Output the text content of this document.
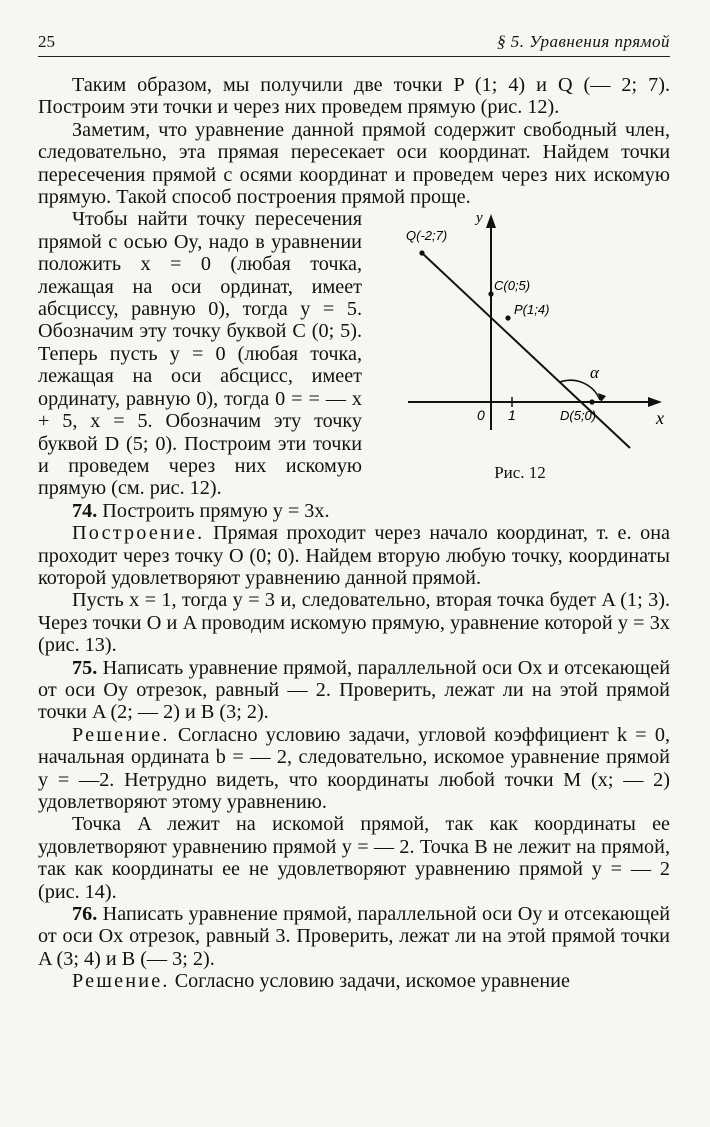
25	§ 5. Уравнения прямой

Таким образом, мы получили две точки P (1; 4) и Q (— 2; 7). Построим эти точки и через них проведем прямую (рис. 12).

Заметим, что уравнение данной прямой содержит свободный член, следовательно, эта прямая пересекает оси координат. Найдем точки пересечения прямой с осями координат и проведем через них искомую прямую. Такой способ построения прямой проще.

y
x
0 1
α
Q(-2;7)
C(0;5)
P(1;4)
D(5;0)
Рис. 12

Чтобы найти точку пересечения прямой с осью Oy, надо в уравнении положить x = 0 (любая точка, лежащая на оси ординат, имеет абсциссу, равную 0), тогда y = 5. Обозначим эту точку буквой C (0; 5). Теперь пусть y = 0 (любая точка, лежащая на оси абсцисс, имеет ординату, равную 0), тогда 0 = = — x + 5, x = 5. Обозначим эту точку буквой D (5; 0). Построим эти точки и проведем через них искомую прямую (см. рис. 12).

74. Построить прямую y = 3x.

Построение. Прямая проходит через начало координат, т. е. она проходит через точку O (0; 0). Найдем вторую любую точку, координаты которой удовлетворяют уравнению данной прямой.

Пусть x = 1, тогда y = 3 и, следовательно, вторая точка будет A (1; 3). Через точки O и A проводим искомую прямую, уравнение которой y = 3x (рис. 13).

75. Написать уравнение прямой, параллельной оси Ox и отсекающей от оси Oy отрезок, равный — 2. Проверить, лежат ли на этой прямой точки A (2; — 2) и B (3; 2).

Решение. Согласно условию задачи, угловой коэффициент k = 0, начальная ордината b = — 2, следовательно, искомое уравнение прямой y = —2. Нетрудно видеть, что координаты любой точки M (x; — 2) удовлетворяют этому уравнению.

Точка A лежит на искомой прямой, так как координаты ее удовлетворяют уравнению прямой y = — 2. Точка B не лежит на прямой, так как координаты ее не удовлетворяют уравнению прямой y = — 2 (рис. 14).

76. Написать уравнение прямой, параллельной оси Oy и отсекающей от оси Ox отрезок, равный 3. Проверить, лежат ли на этой прямой точки A (3; 4) и B (— 3; 2).

Решение. Согласно условию задачи, искомое уравнение
